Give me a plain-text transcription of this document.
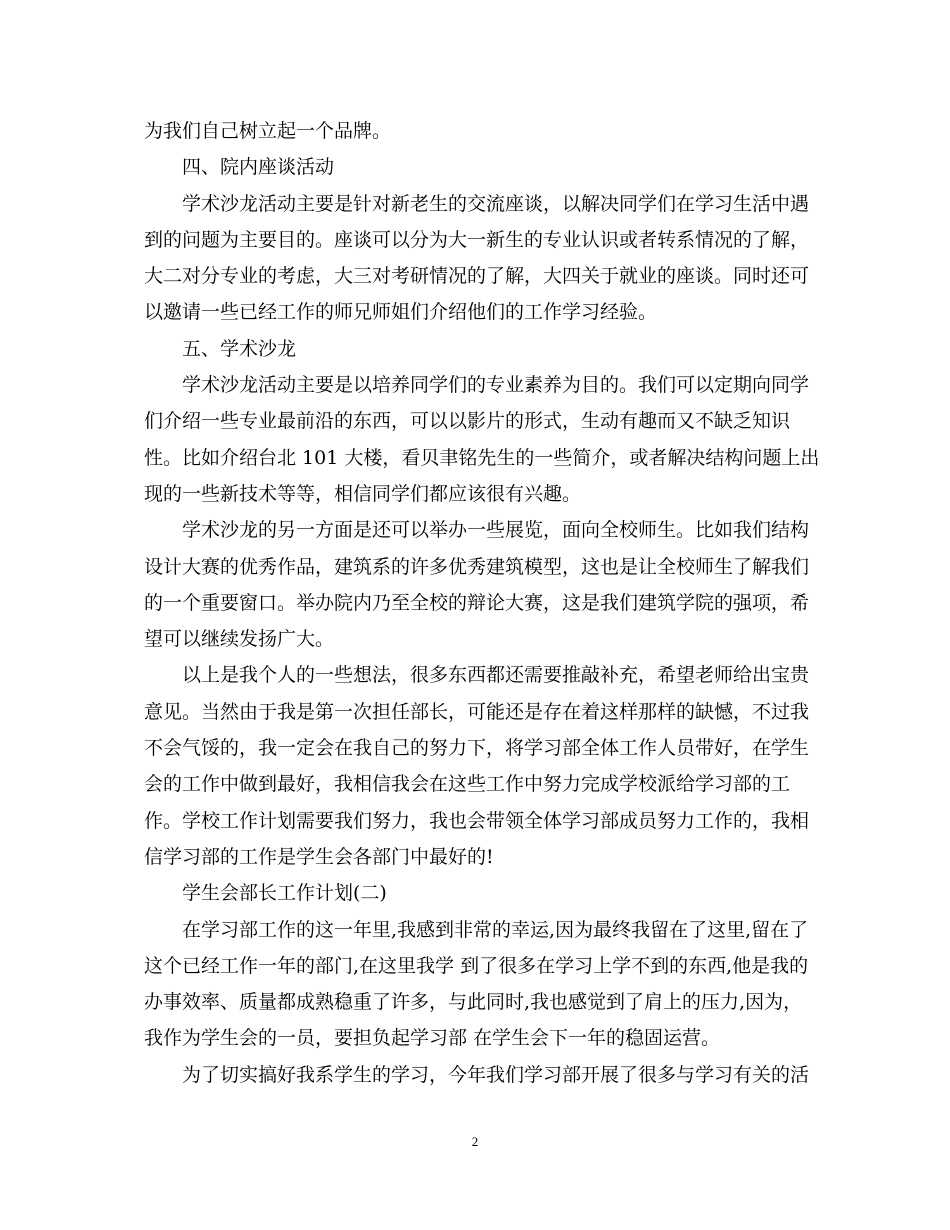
为我们自己树立起一个品牌。
四、院内座谈活动
学术沙龙活动主要是针对新老生的交流座谈，以解决同学们在学习生活中遇
到的问题为主要目的。座谈可以分为大一新生的专业认识或者转系情况的了解，
大二对分专业的考虑，大三对考研情况的了解，大四关于就业的座谈。同时还可
以邀请一些已经工作的师兄师姐们介绍他们的工作学习经验。
五、学术沙龙
学术沙龙活动主要是以培养同学们的专业素养为目的。我们可以定期向同学
们介绍一些专业最前沿的东西，可以以影片的形式，生动有趣而又不缺乏知识
性。比如介绍台北 101 大楼，看贝聿铭先生的一些简介，或者解决结构问题上出
现的一些新技术等等，相信同学们都应该很有兴趣。
学术沙龙的另一方面是还可以举办一些展览，面向全校师生。比如我们结构
设计大赛的优秀作品，建筑系的许多优秀建筑模型，这也是让全校师生了解我们
的一个重要窗口。举办院内乃至全校的辩论大赛，这是我们建筑学院的强项，希
望可以继续发扬广大。
以上是我个人的一些想法，很多东西都还需要推敲补充，希望老师给出宝贵
意见。当然由于我是第一次担任部长，可能还是存在着这样那样的缺憾，不过我
不会气馁的，我一定会在我自己的努力下，将学习部全体工作人员带好，在学生
会的工作中做到最好，我相信我会在这些工作中努力完成学校派给学习部的工
作。学校工作计划需要我们努力，我也会带领全体学习部成员努力工作的，我相
信学习部的工作是学生会各部门中最好的!
学生会部长工作计划(二)
在学习部工作的这一年里,我感到非常的幸运,因为最终我留在了这里,留在了
这个已经工作一年的部门,在这里我学 到了很多在学习上学不到的东西,他是我的
办事效率、质量都成熟稳重了许多，与此同时,我也感觉到了肩上的压力,因为，
我作为学生会的一员，要担负起学习部 在学生会下一年的稳固运营。
为了切实搞好我系学生的学习，今年我们学习部开展了很多与学习有关的活
2
